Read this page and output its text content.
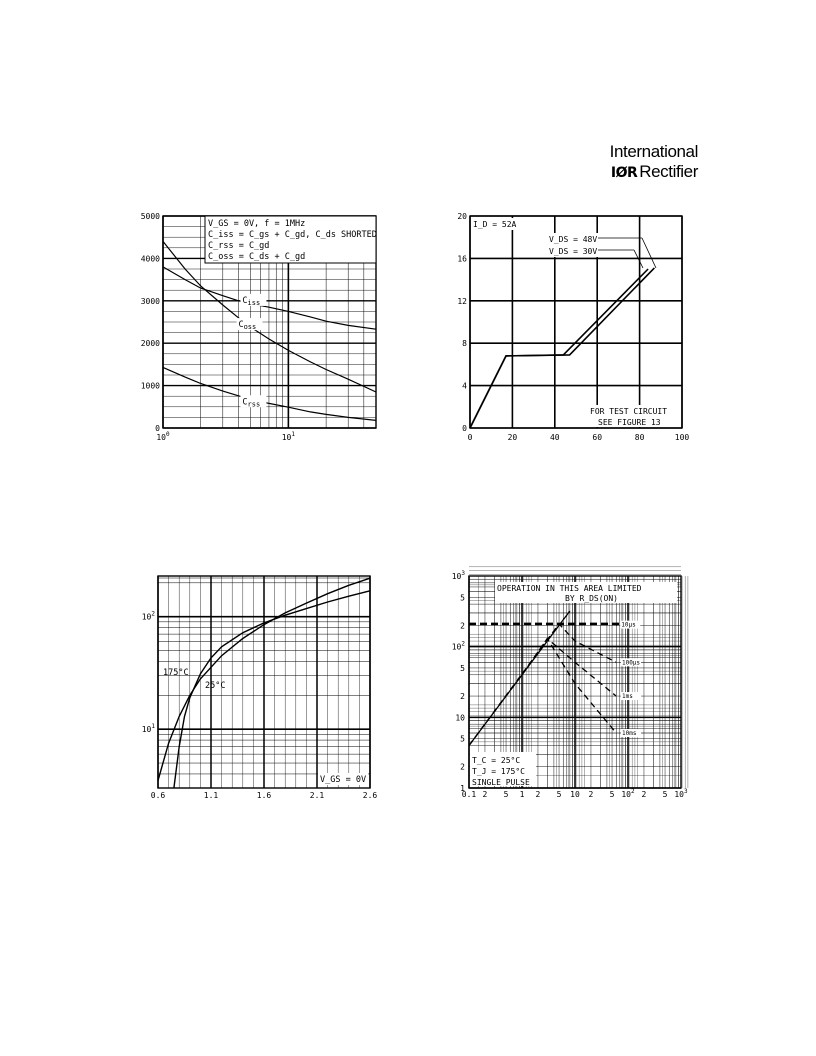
International
IØR Rectifier
0
1000
2000
3000
4000
5000
$10^0$	$10^1$
$C_{iss}$
$C_{oss}$
$C_{rss}$
V_GS = 0V, f = 1MHz
C_iss = C_gs + C_gd, C_ds SHORTED
C_rss = C_gd
C_oss = C_ds + C_gd
0
4
8
12
16
20
0	20	40	60	80	100
I_D = 52A
V_DS = 48V
V_DS = 30V
FOR TEST CIRCUIT
SEE FIGURE 13
$10^1$
$10^2$
0.6	1.1	1.6	2.1	2.6
175°C
25°C
V_GS = 0V
1
2
5
10
2
5
$10^2$
2
5
$10^3$
0.1 2 5 1 2 5 10 2 5 $10^2$ 2 5 $10^3$
10µs
100µs
1ms
10ms
OPERATION IN THIS AREA LIMITED
BY R_DS(ON)
T_C = 25°C
T_J = 175°C
SINGLE PULSE
